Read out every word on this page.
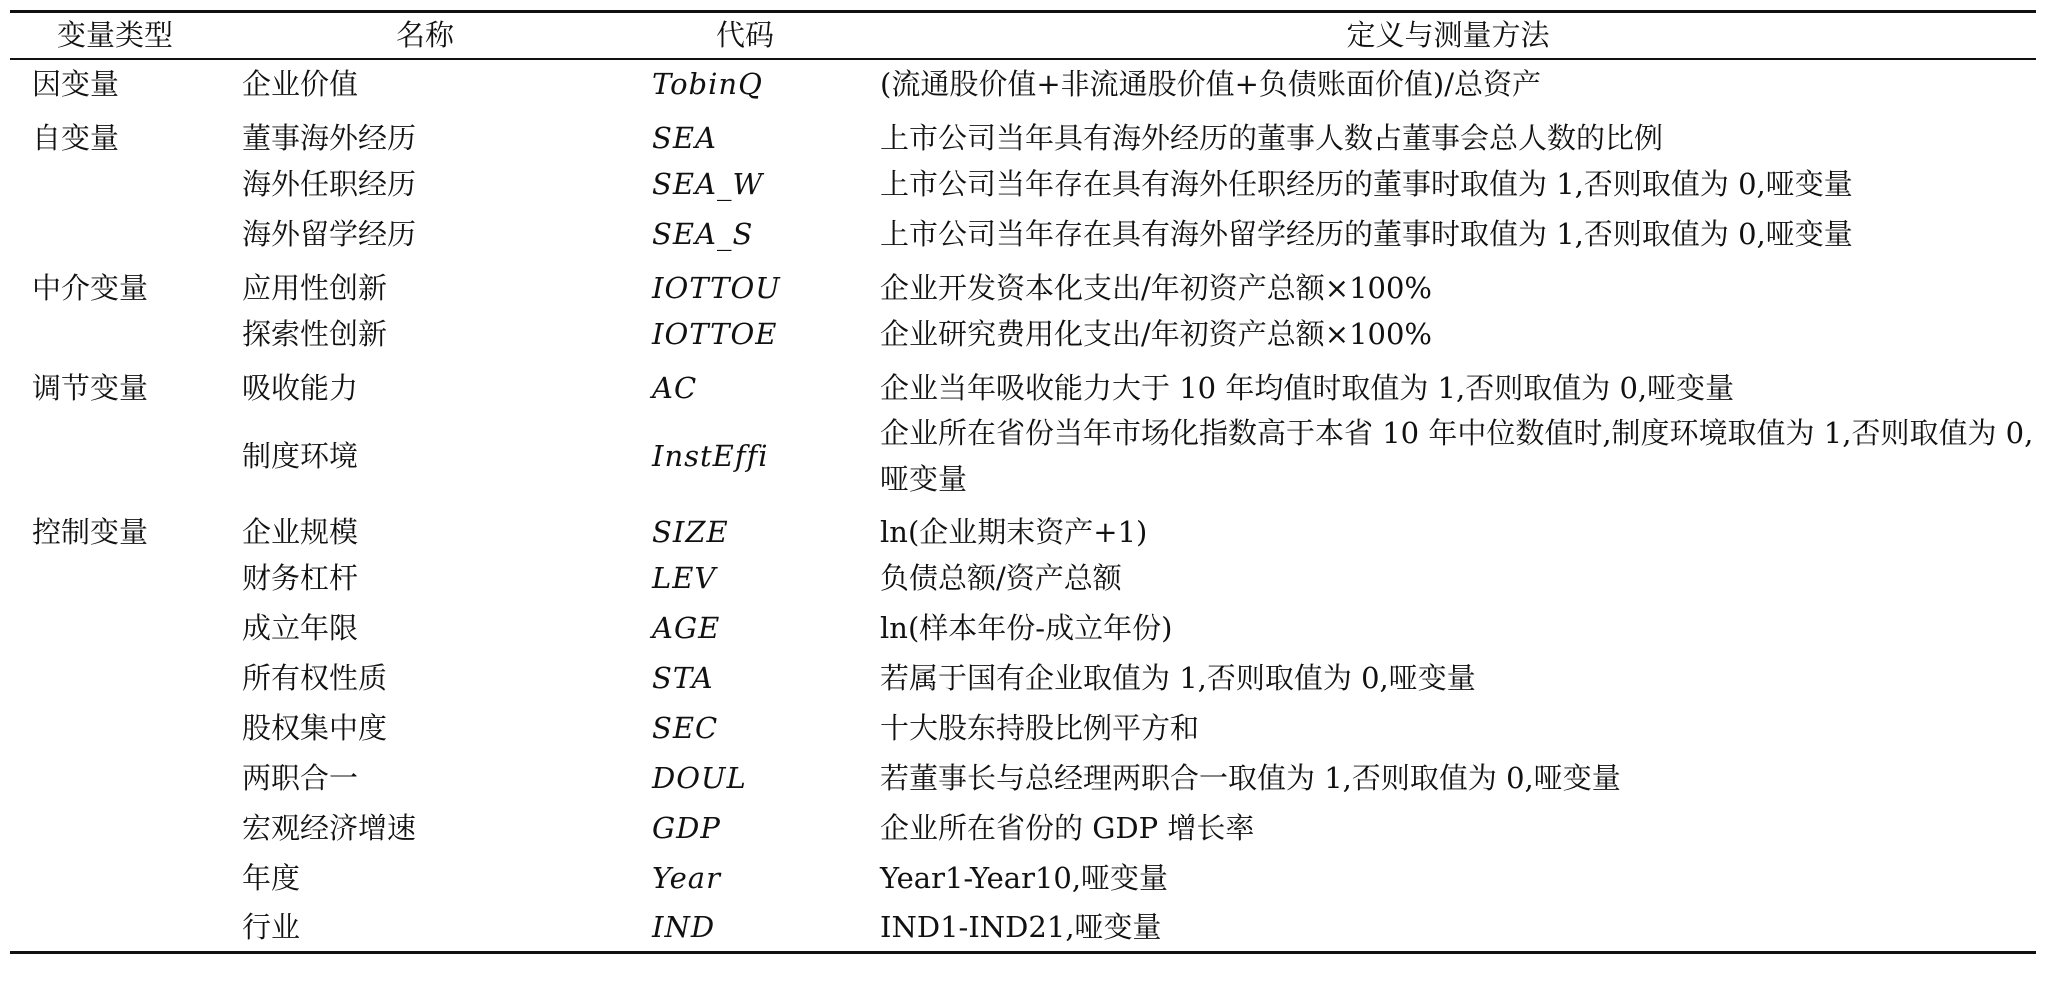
变量类型	名称	代码	定义与测量方法
因变量	企业价值	TobinQ	(流通股价值+非流通股价值+负债账面价值)/总资产
自变量	董事海外经历	SEA	上市公司当年具有海外经历的董事人数占董事会总人数的比例
	海外任职经历	SEA_W	上市公司当年存在具有海外任职经历的董事时取值为 1,否则取值为 0,哑变量
	海外留学经历	SEA_S	上市公司当年存在具有海外留学经历的董事时取值为 1,否则取值为 0,哑变量
中介变量	应用性创新	IOTTOU	企业开发资本化支出/年初资产总额×100%
	探索性创新	IOTTOE	企业研究费用化支出/年初资产总额×100%
调节变量	吸收能力	AC	企业当年吸收能力大于 10 年均值时取值为 1,否则取值为 0,哑变量
	制度环境	InstEffi	企业所在省份当年市场化指数高于本省 10 年中位数值时,制度环境取值为 1,否则取值为 0,哑变量
控制变量	企业规模	SIZE	ln(企业期末资产+1)
	财务杠杆	LEV	负债总额/资产总额
	成立年限	AGE	ln(样本年份-成立年份)
	所有权性质	STA	若属于国有企业取值为 1,否则取值为 0,哑变量
	股权集中度	SEC	十大股东持股比例平方和
	两职合一	DOUL	若董事长与总经理两职合一取值为 1,否则取值为 0,哑变量
	宏观经济增速	GDP	企业所在省份的 GDP 增长率
	年度	Year	Year1-Year10,哑变量
	行业	IND	IND1-IND21,哑变量
